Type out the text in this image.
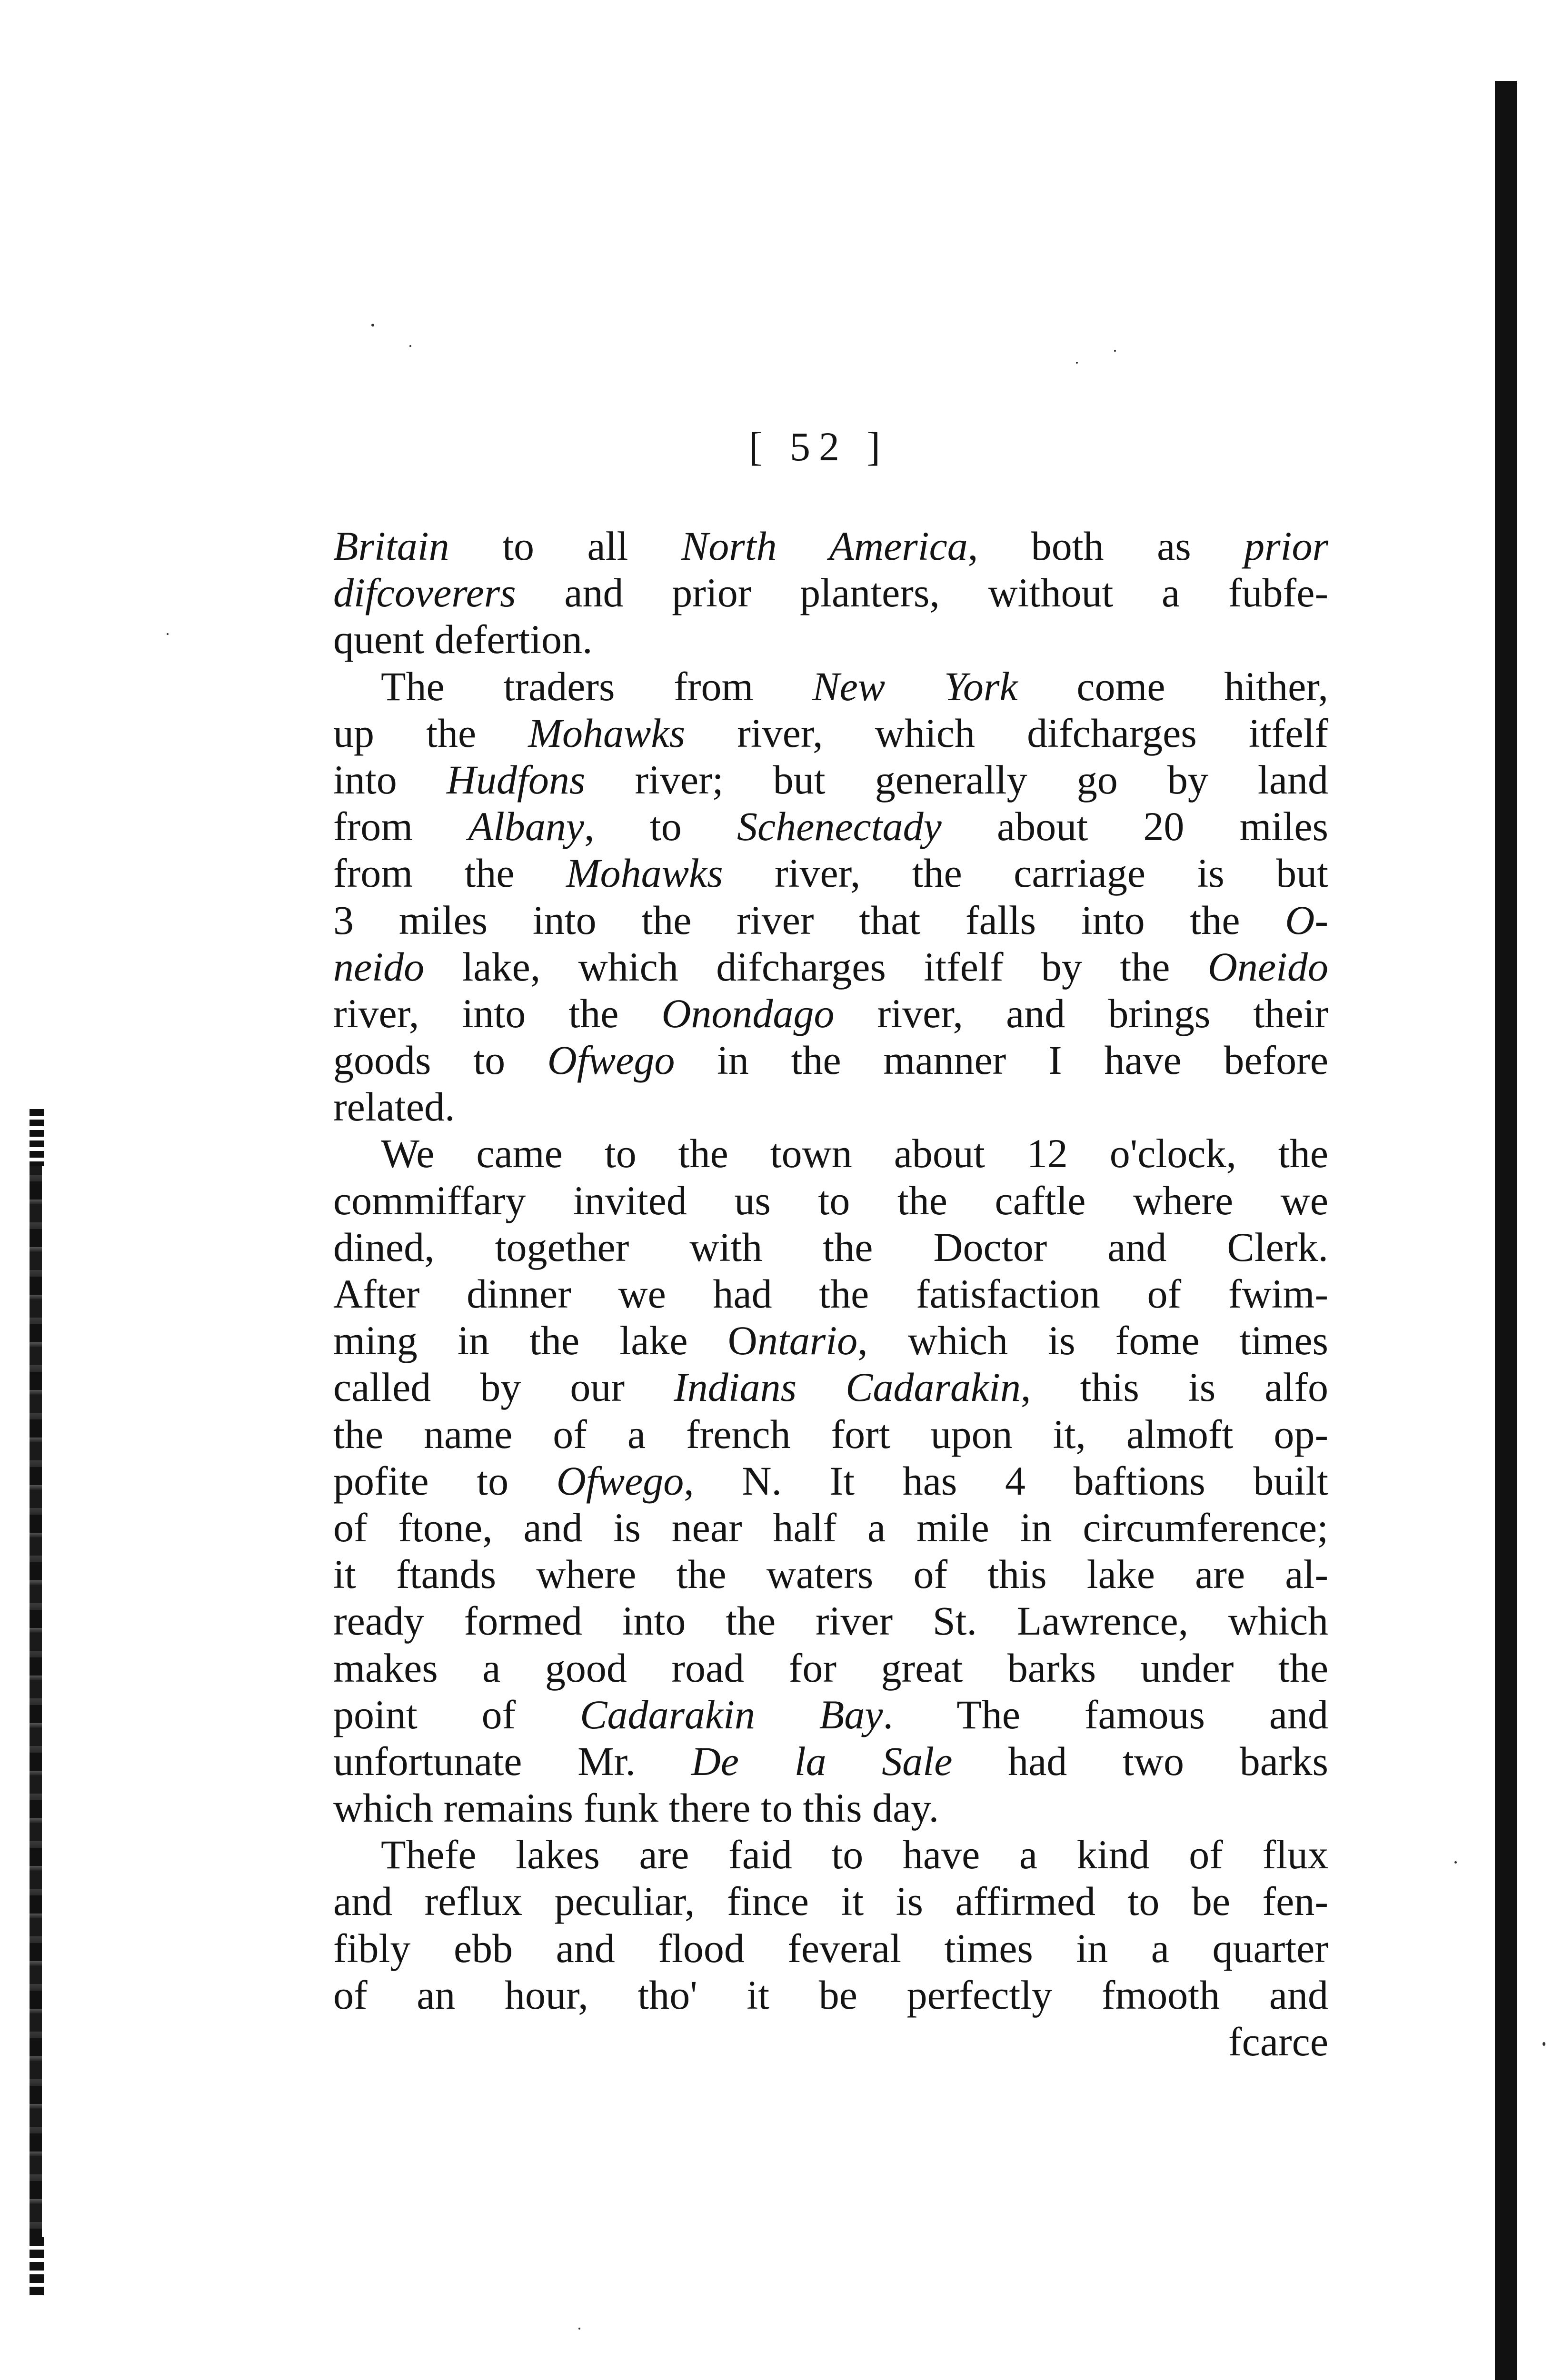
[ 52 ]
Britain to all North America, both as prior
difcoverers and prior planters, without a fubfe-
quent defertion.
The traders from New York come hither,
up the Mohawks river, which difcharges itfelf
into Hudfons river; but generally go by land
from Albany, to Schenectady about 20 miles
from the Mohawks river, the carriage is but
3 miles into the river that falls into the O-
neido lake, which difcharges itfelf by the Oneido
river, into the Onondago river, and brings their
goods to Ofwego in the manner I have before
related.
We came to the town about 12 o'clock, the
commiffary invited us to the caftle where we
dined, together with the Doctor and Clerk.
After dinner we had the fatisfaction of fwim-
ming in the lake Ontario, which is fome times
called by our Indians Cadarakin, this is alfo
the name of a french fort upon it, almoft op-
pofite to Ofwego, N. It has 4 baftions built
of ftone, and is near half a mile in circumference;
it ftands where the waters of this lake are al-
ready formed into the river St. Lawrence, which
makes a good road for great barks under the
point of Cadarakin Bay. The famous and
unfortunate Mr. De la Sale had two barks
which remains funk there to this day.
Thefe lakes are faid to have a kind of flux
and reflux peculiar, fince it is affirmed to be fen-
fibly ebb and flood feveral times in a quarter
of an hour, tho' it be perfectly fmooth and
fcarce
